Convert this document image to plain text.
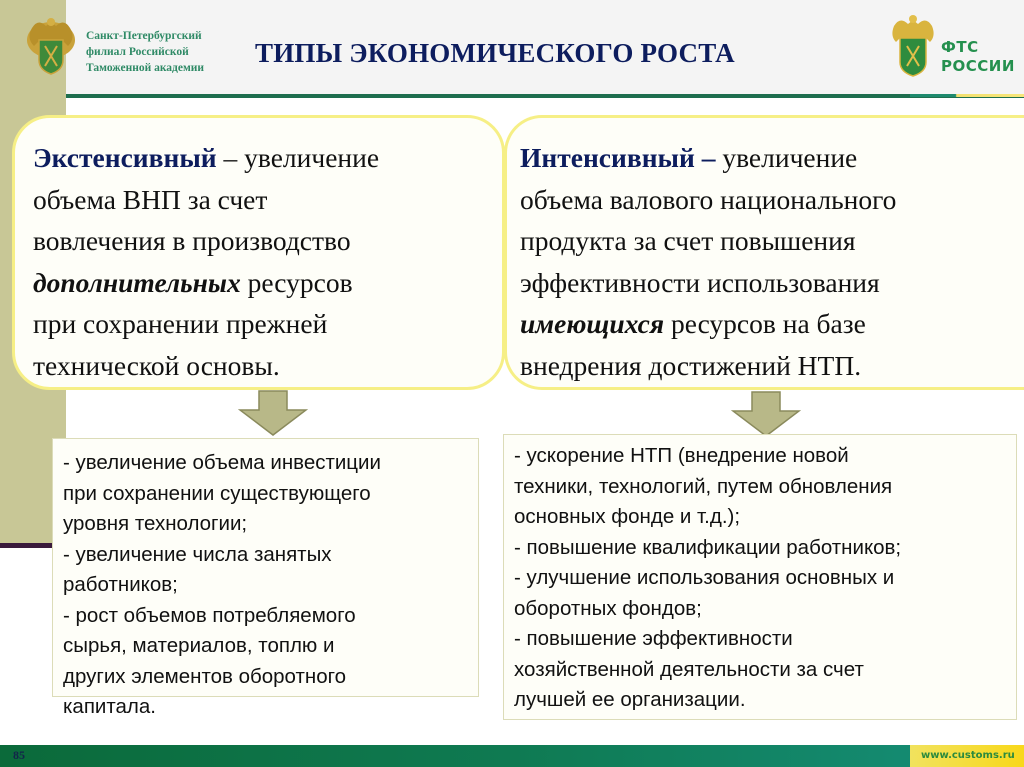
Санкт-Петербургский
филиал Российской
Таможенной академии ТИПЫ ЭКОНОМИЧЕСКОГО РОСТА	ФТС
РОССИИ
Экстенсивный – увеличение
объема ВНП за счет
вовлечения в производство
дополнительных ресурсов
при сохранении прежней
технической основы.
Интенсивный – увеличение
объема валового национального
продукта за счет повышения
эффективности использования
имеющихся ресурсов на базе
внедрения достижений НТП.
- увеличение объема инвестиции
при сохранении существующего
уровня технологии;
- увеличение числа занятых
работников;
- рост объемов потребляемого
сырья, материалов, топлю и
других элементов оборотного
капитала.
- ускорение НТП (внедрение новой
техники, технологий, путем обновления
основных фонде и т.д.);
- повышение квалификации работников;
- улучшение использования основных и
оборотных фондов;
- повышение эффективности
хозяйственной деятельности за счет
лучшей ее организации.
85	www.customs.ru
